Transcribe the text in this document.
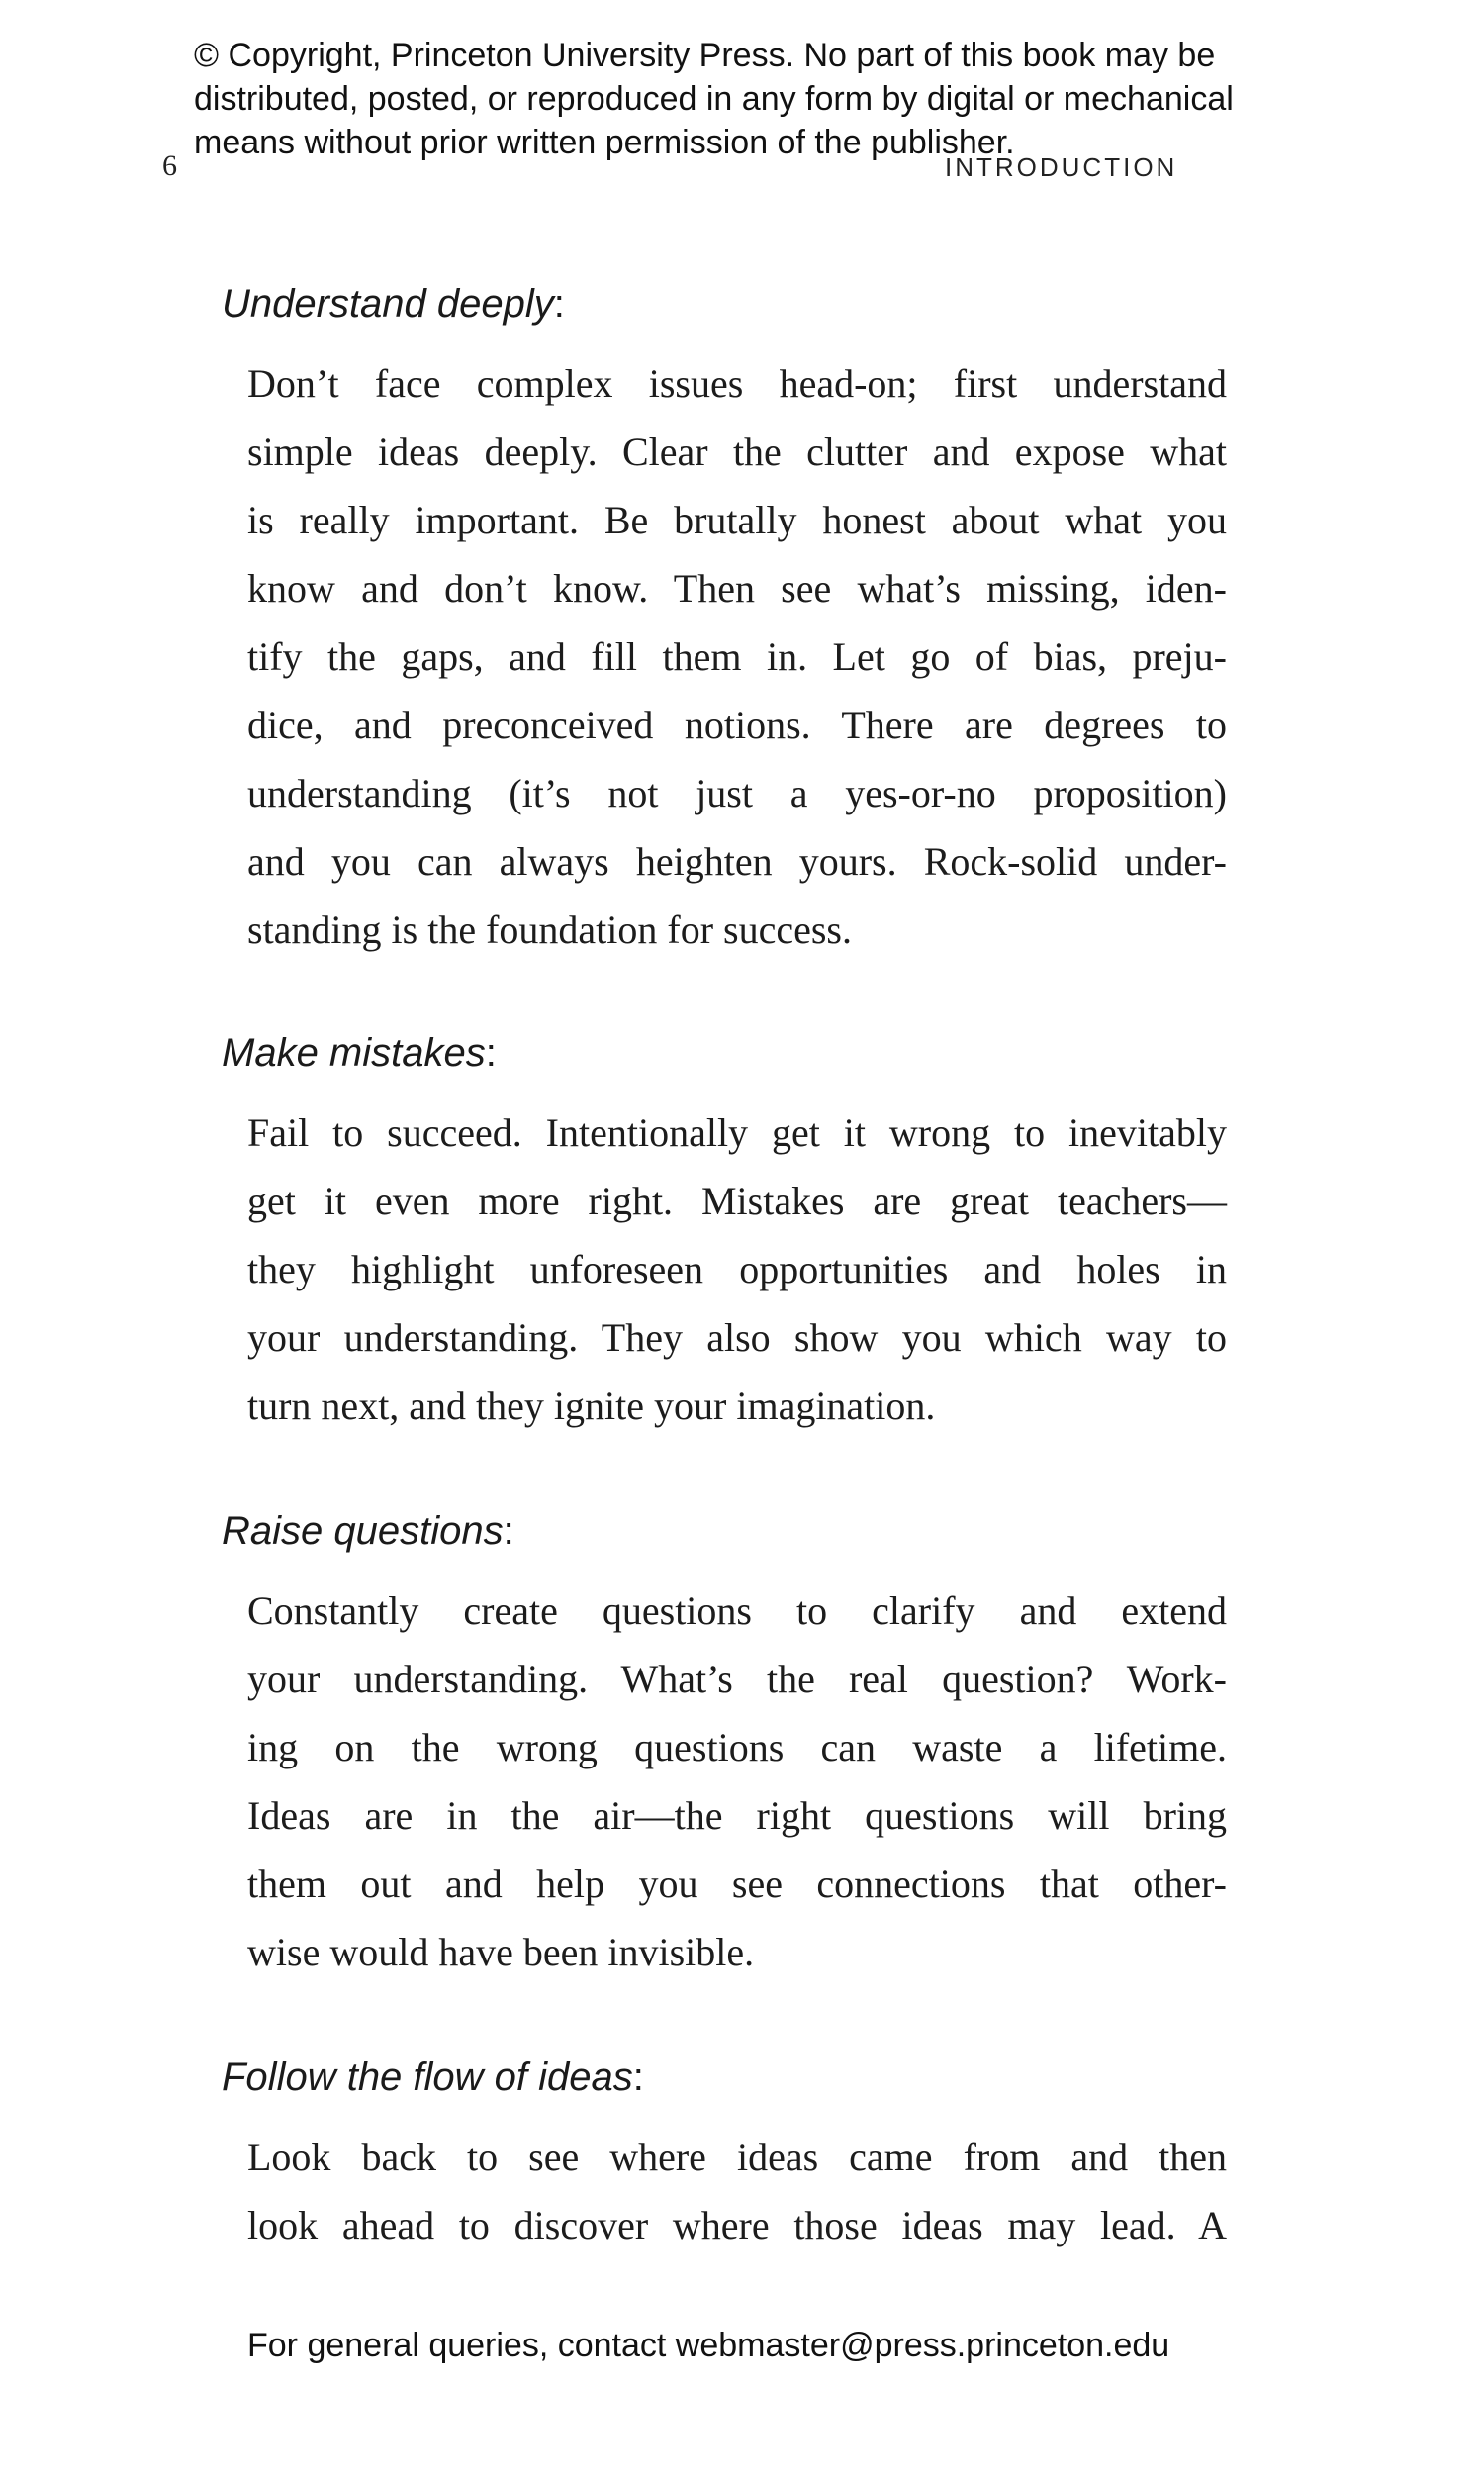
© Copyright, Princeton University Press. No part of this book may be
distributed, posted, or reproduced in any form by digital or mechanical
means without prior written permission of the publisher.
6	INTRODUCTION
Understand deeply:
Don’t face complex issues head-on; first understand
simple ideas deeply. Clear the clutter and expose what
is really important. Be brutally honest about what you
know and don’t know. Then see what’s missing, iden-
tify the gaps, and fill them in. Let go of bias, preju-
dice, and preconceived notions. There are degrees to
understanding (it’s not just a yes-or-no proposition)
and you can always heighten yours. Rock-solid under-
standing is the foundation for success.
Make mistakes:
Fail to succeed. Intentionally get it wrong to inevitably
get it even more right. Mistakes are great teachers—
they highlight unforeseen opportunities and holes in
your understanding. They also show you which way to
turn next, and they ignite your imagination.
Raise questions:
Constantly create questions to clarify and extend
your understanding. What’s the real question? Work-
ing on the wrong questions can waste a lifetime.
Ideas are in the air—the right questions will bring
them out and help you see connections that other-
wise would have been invisible.
Follow the flow of ideas:
Look back to see where ideas came from and then
look ahead to discover where those ideas may lead. A
For general queries, contact webmaster@press.princeton.edu
